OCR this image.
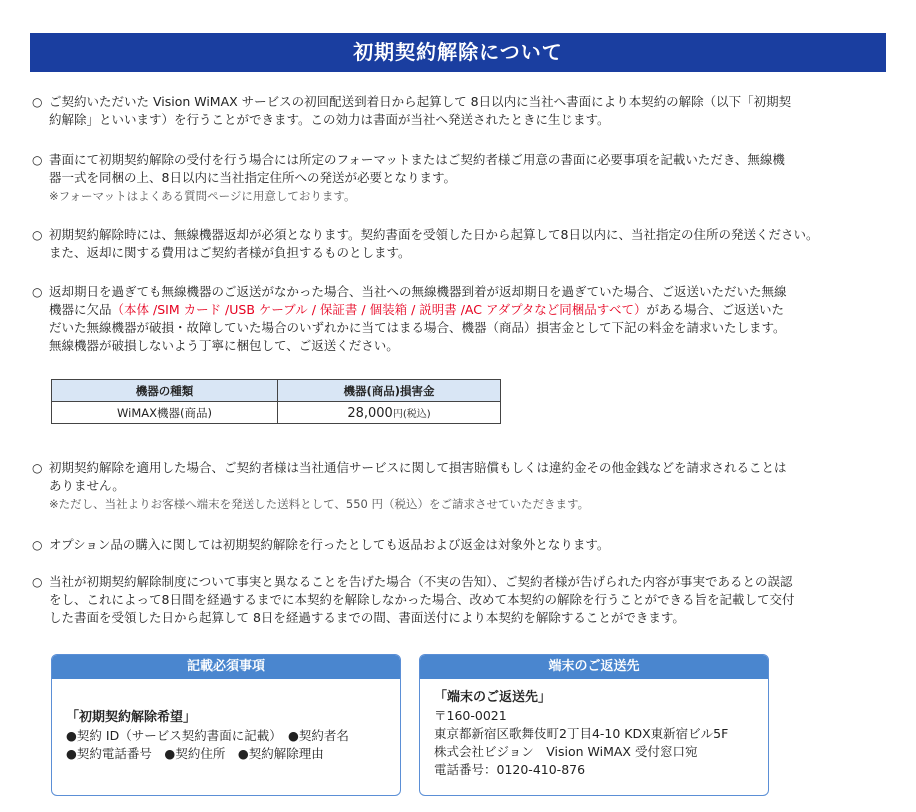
初期契約解除について
○ ご契約いただいた Vision WiMAX サービスの初回配送到着日から起算して 8日以内に当社へ書面により本契約の解除（以下「初期契
約解除」といいます）を行うことができます。この効力は書面が当社へ発送されたときに生じます。
○ 書面にて初期契約解除の受付を行う場合には所定のフォーマットまたはご契約者様ご用意の書面に必要事項を記載いただき、無線機
器一式を同梱の上、8日以内に当社指定住所への発送が必要となります。
※フォーマットはよくある質問ページに用意しております。
○ 初期契約解除時には、無線機器返却が必須となります。契約書面を受領した日から起算して8日以内に、当社指定の住所の発送ください。
また、返却に関する費用はご契約者様が負担するものとします。
○ 返却期日を過ぎても無線機器のご返送がなかった場合、当社への無線機器到着が返却期日を過ぎていた場合、ご返送いただいた無線
機器に欠品（本体 /SIM カード /USB ケーブル / 保証書 / 個装箱 / 説明書 /AC アダプタなど同梱品すべて）がある場合、ご返送いた
だいた無線機器が破損・故障していた場合のいずれかに当てはまる場合、機器（商品）損害金として下記の料金を請求いたします。
無線機器が破損しないよう丁寧に梱包して、ご返送ください。
機器の種類	機器(商品)損害金
WiMAX機器(商品)	28,000円(税込)
○ 初期契約解除を適用した場合、ご契約者様は当社通信サービスに関して損害賠償もしくは違約金その他金銭などを請求されることは
ありません。
※ただし、当社よりお客様へ端末を発送した送料として、550 円（税込）をご請求させていただきます。
○ オプション品の購入に関しては初期契約解除を行ったとしても返品および返金は対象外となります。
○ 当社が初期契約解除制度について事実と異なることを告げた場合（不実の告知）、ご契約者様が告げられた内容が事実であるとの誤認
をし、これによって8日間を経過するまでに本契約を解除しなかった場合、改めて本契約の解除を行うことができる旨を記載して交付
した書面を受領した日から起算して 8日を経過するまでの間、書面送付により本契約を解除することができます。
記載必須事項
「初期契約解除希望」
●契約 ID（サービス契約書面に記載）　●契約者名
●契約電話番号　●契約住所　●契約解除理由
端末のご返送先
「端末のご返送先」
〒160-0021
東京都新宿区歌舞伎町2丁目4-10 KDX東新宿ビル5F
株式会社ビジョン　Vision WiMAX 受付窓口宛
電話番号：0120-410-876
